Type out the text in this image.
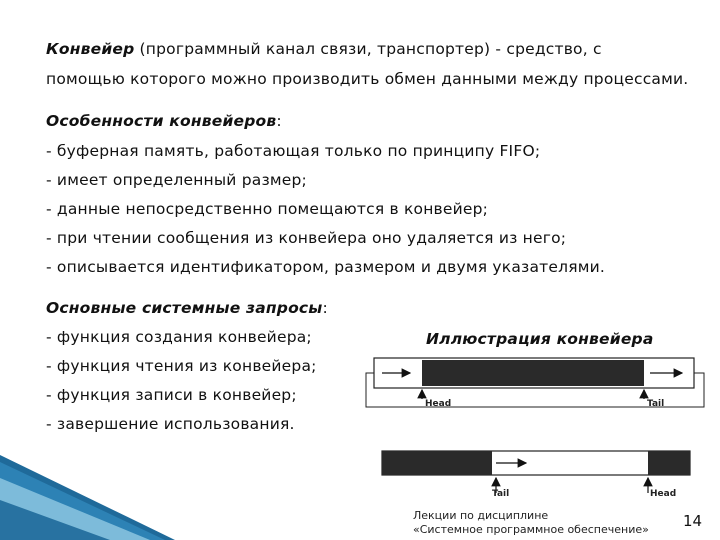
Конвейер (программный канал связи, транспортер) - средство, с
помощью которого можно производить обмен данными между процессами.
Особенности конвейеров:
- буферная память, работающая только по принципу FIFO;
- имеет определенный размер;
- данные непосредственно помещаются в конвейер;
- при чтении сообщения из конвейера оно удаляется из него;
- описывается идентификатором, размером и двумя указателями.
Основные системные запросы:
- функция создания конвейера;
- функция чтения из конвейера;
- функция записи в конвейер;
- завершение использования.
Иллюстрация конвейера
Head	Tail
Tail	Head
Лекции по дисциплине
«Системное программное обеспечение» 14
